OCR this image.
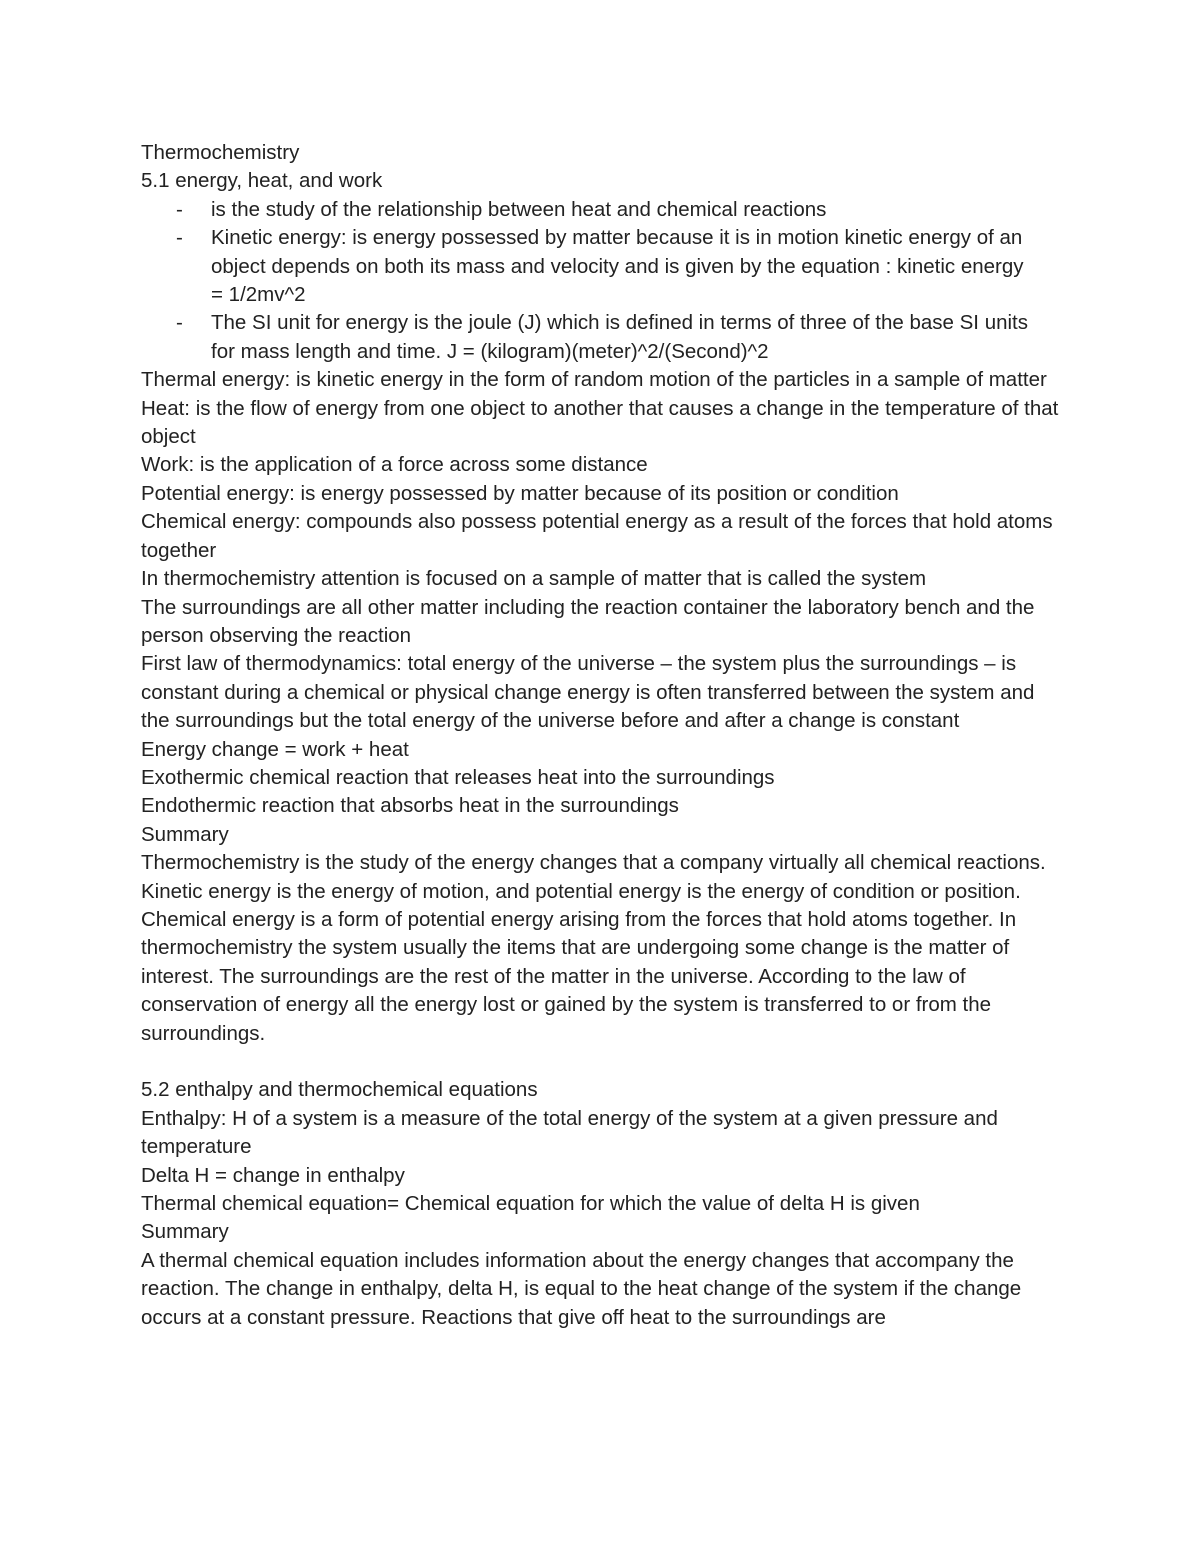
Thermochemistry

5.1 energy, heat, and work

- is the study of the relationship between heat and chemical reactions
- Kinetic energy: is energy possessed by matter because it is in motion kinetic energy of an object depends on both its mass and velocity and is given by the equation : kinetic energy = 1/2mv^2
- The SI unit for energy is the joule (J) which is defined in terms of three of the base SI units for mass length and time. J = (kilogram)(meter)^2/(Second)^2

Thermal energy: is kinetic energy in the form of random motion of the particles in a sample of matter

Heat: is the flow of energy from one object to another that causes a change in the temperature of that object

Work: is the application of a force across some distance

Potential energy: is energy possessed by matter because of its position or condition

Chemical energy: compounds also possess potential energy as a result of the forces that hold atoms together

In thermochemistry attention is focused on a sample of matter that is called the system

The surroundings are all other matter including the reaction container the laboratory bench and the person observing the reaction

First law of thermodynamics: total energy of the universe – the system plus the surroundings – is constant during a chemical or physical change energy is often transferred between the system and the surroundings but the total energy of the universe before and after a change is constant

Energy change = work + heat

Exothermic chemical reaction that releases heat into the surroundings

Endothermic reaction that absorbs heat in the surroundings

Summary

Thermochemistry is the study of the energy changes that a company virtually all chemical reactions. Kinetic energy is the energy of motion, and potential energy is the energy of condition or position. Chemical energy is a form of potential energy arising from the forces that hold atoms together. In thermochemistry the system usually the items that are undergoing some change is the matter of interest. The surroundings are the rest of the matter in the universe. According to the law of conservation of energy all the energy lost or gained by the system is transferred to or from the surroundings.

5.2 enthalpy and thermochemical equations

Enthalpy: H of a system is a measure of the total energy of the system at a given pressure and temperature

Delta H = change in enthalpy

Thermal chemical equation= Chemical equation for which the value of delta H is given

Summary

A thermal chemical equation includes information about the energy changes that accompany the reaction. The change in enthalpy, delta H, is equal to the heat change of the system if the change occurs at a constant pressure. Reactions that give off heat to the surroundings are
